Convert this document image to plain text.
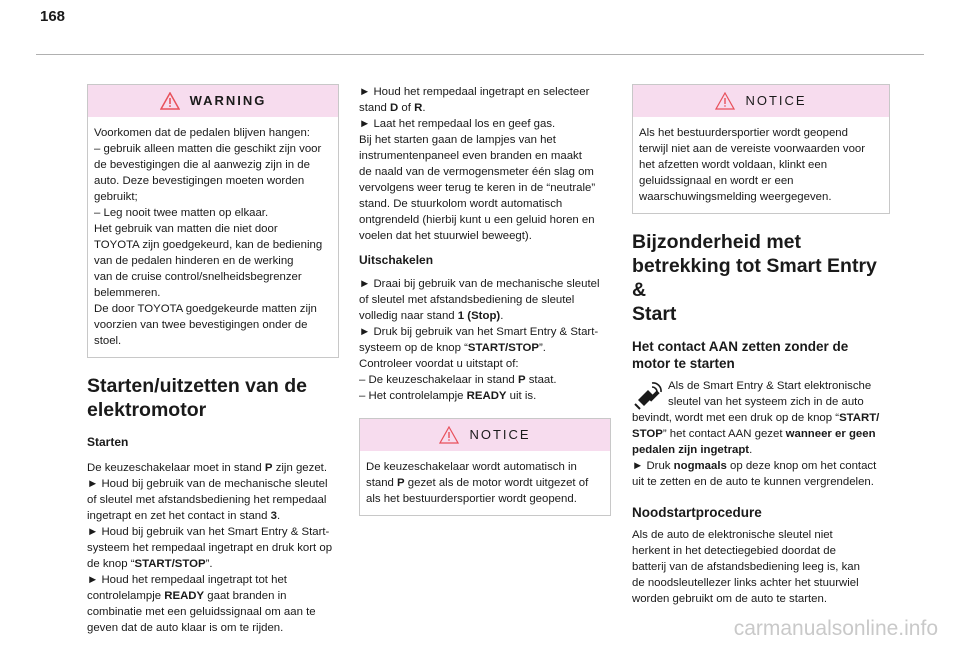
168
WARNING

Voorkomen dat de pedalen blijven hangen:

– gebruik alleen matten die geschikt zijn voor

de bevestigingen die al aanwezig zijn in de

auto. Deze bevestigingen moeten worden

gebruikt;

– Leg nooit twee matten op elkaar.

Het gebruik van matten die niet door

TOYOTA zijn goedgekeurd, kan de bediening

van de pedalen hinderen en de werking

van de cruise control/snelheidsbegrenzer

belemmeren.

De door TOYOTA goedgekeurde matten zijn

voorzien van twee bevestigingen onder de

stoel.

Starten/uitzetten van de
elektromotor
Starten

De keuzeschakelaar moet in stand P zijn gezet.

► Houd bij gebruik van de mechanische sleutel

of sleutel met afstandsbediening het rempedaal

ingetrapt en zet het contact in stand 3.

► Houd bij gebruik van het Smart Entry & Start-

systeem het rempedaal ingetrapt en druk kort op

de knop “START/STOP”.

► Houd het rempedaal ingetrapt tot het

controlelampje READY gaat branden in

combinatie met een geluidssignaal om aan te

geven dat de auto klaar is om te rijden.

► Houd het rempedaal ingetrapt en selecteer

stand D of R.

► Laat het rempedaal los en geef gas.

Bij het starten gaan de lampjes van het

instrumentenpaneel even branden en maakt

de naald van de vermogensmeter één slag om

vervolgens weer terug te keren in de “neutrale”

stand. De stuurkolom wordt automatisch

ontgrendeld (hierbij kunt u een geluid horen en

voelen dat het stuurwiel beweegt).

Uitschakelen

► Draai bij gebruik van de mechanische sleutel

of sleutel met afstandsbediening de sleutel

volledig naar stand 1 (Stop).

► Druk bij gebruik van het Smart Entry & Start-

systeem op de knop “START/STOP”.

Controleer voordat u uitstapt of:

– De keuzeschakelaar in stand P staat.

– Het controlelampje READY uit is.

NOTICE

De keuzeschakelaar wordt automatisch in

stand P gezet als de motor wordt uitgezet of

als het bestuurdersportier wordt geopend.

NOTICE

Als het bestuurdersportier wordt geopend

terwijl niet aan de vereiste voorwaarden voor

het afzetten wordt voldaan, klinkt een

geluidssignaal en wordt er een

waarschuwingsmelding weergegeven.

Bijzonderheid met
betrekking tot Smart Entry &
Start
Het contact AAN zetten zonder de
motor te starten

Als de Smart Entry & Start elektronische

sleutel van het systeem zich in de auto

bevindt, wordt met een druk op de knop “START/

STOP” het contact AAN gezet wanneer er geen

pedalen zijn ingetrapt.

► Druk nogmaals op deze knop om het contact

uit te zetten en de auto te kunnen vergrendelen.

Noodstartprocedure

Als de auto de elektronische sleutel niet

herkent in het detectiegebied doordat de

batterij van de afstandsbediening leeg is, kan

de noodsleutellezer links achter het stuurwiel

worden gebruikt om de auto te starten.

carmanualsonline.info
